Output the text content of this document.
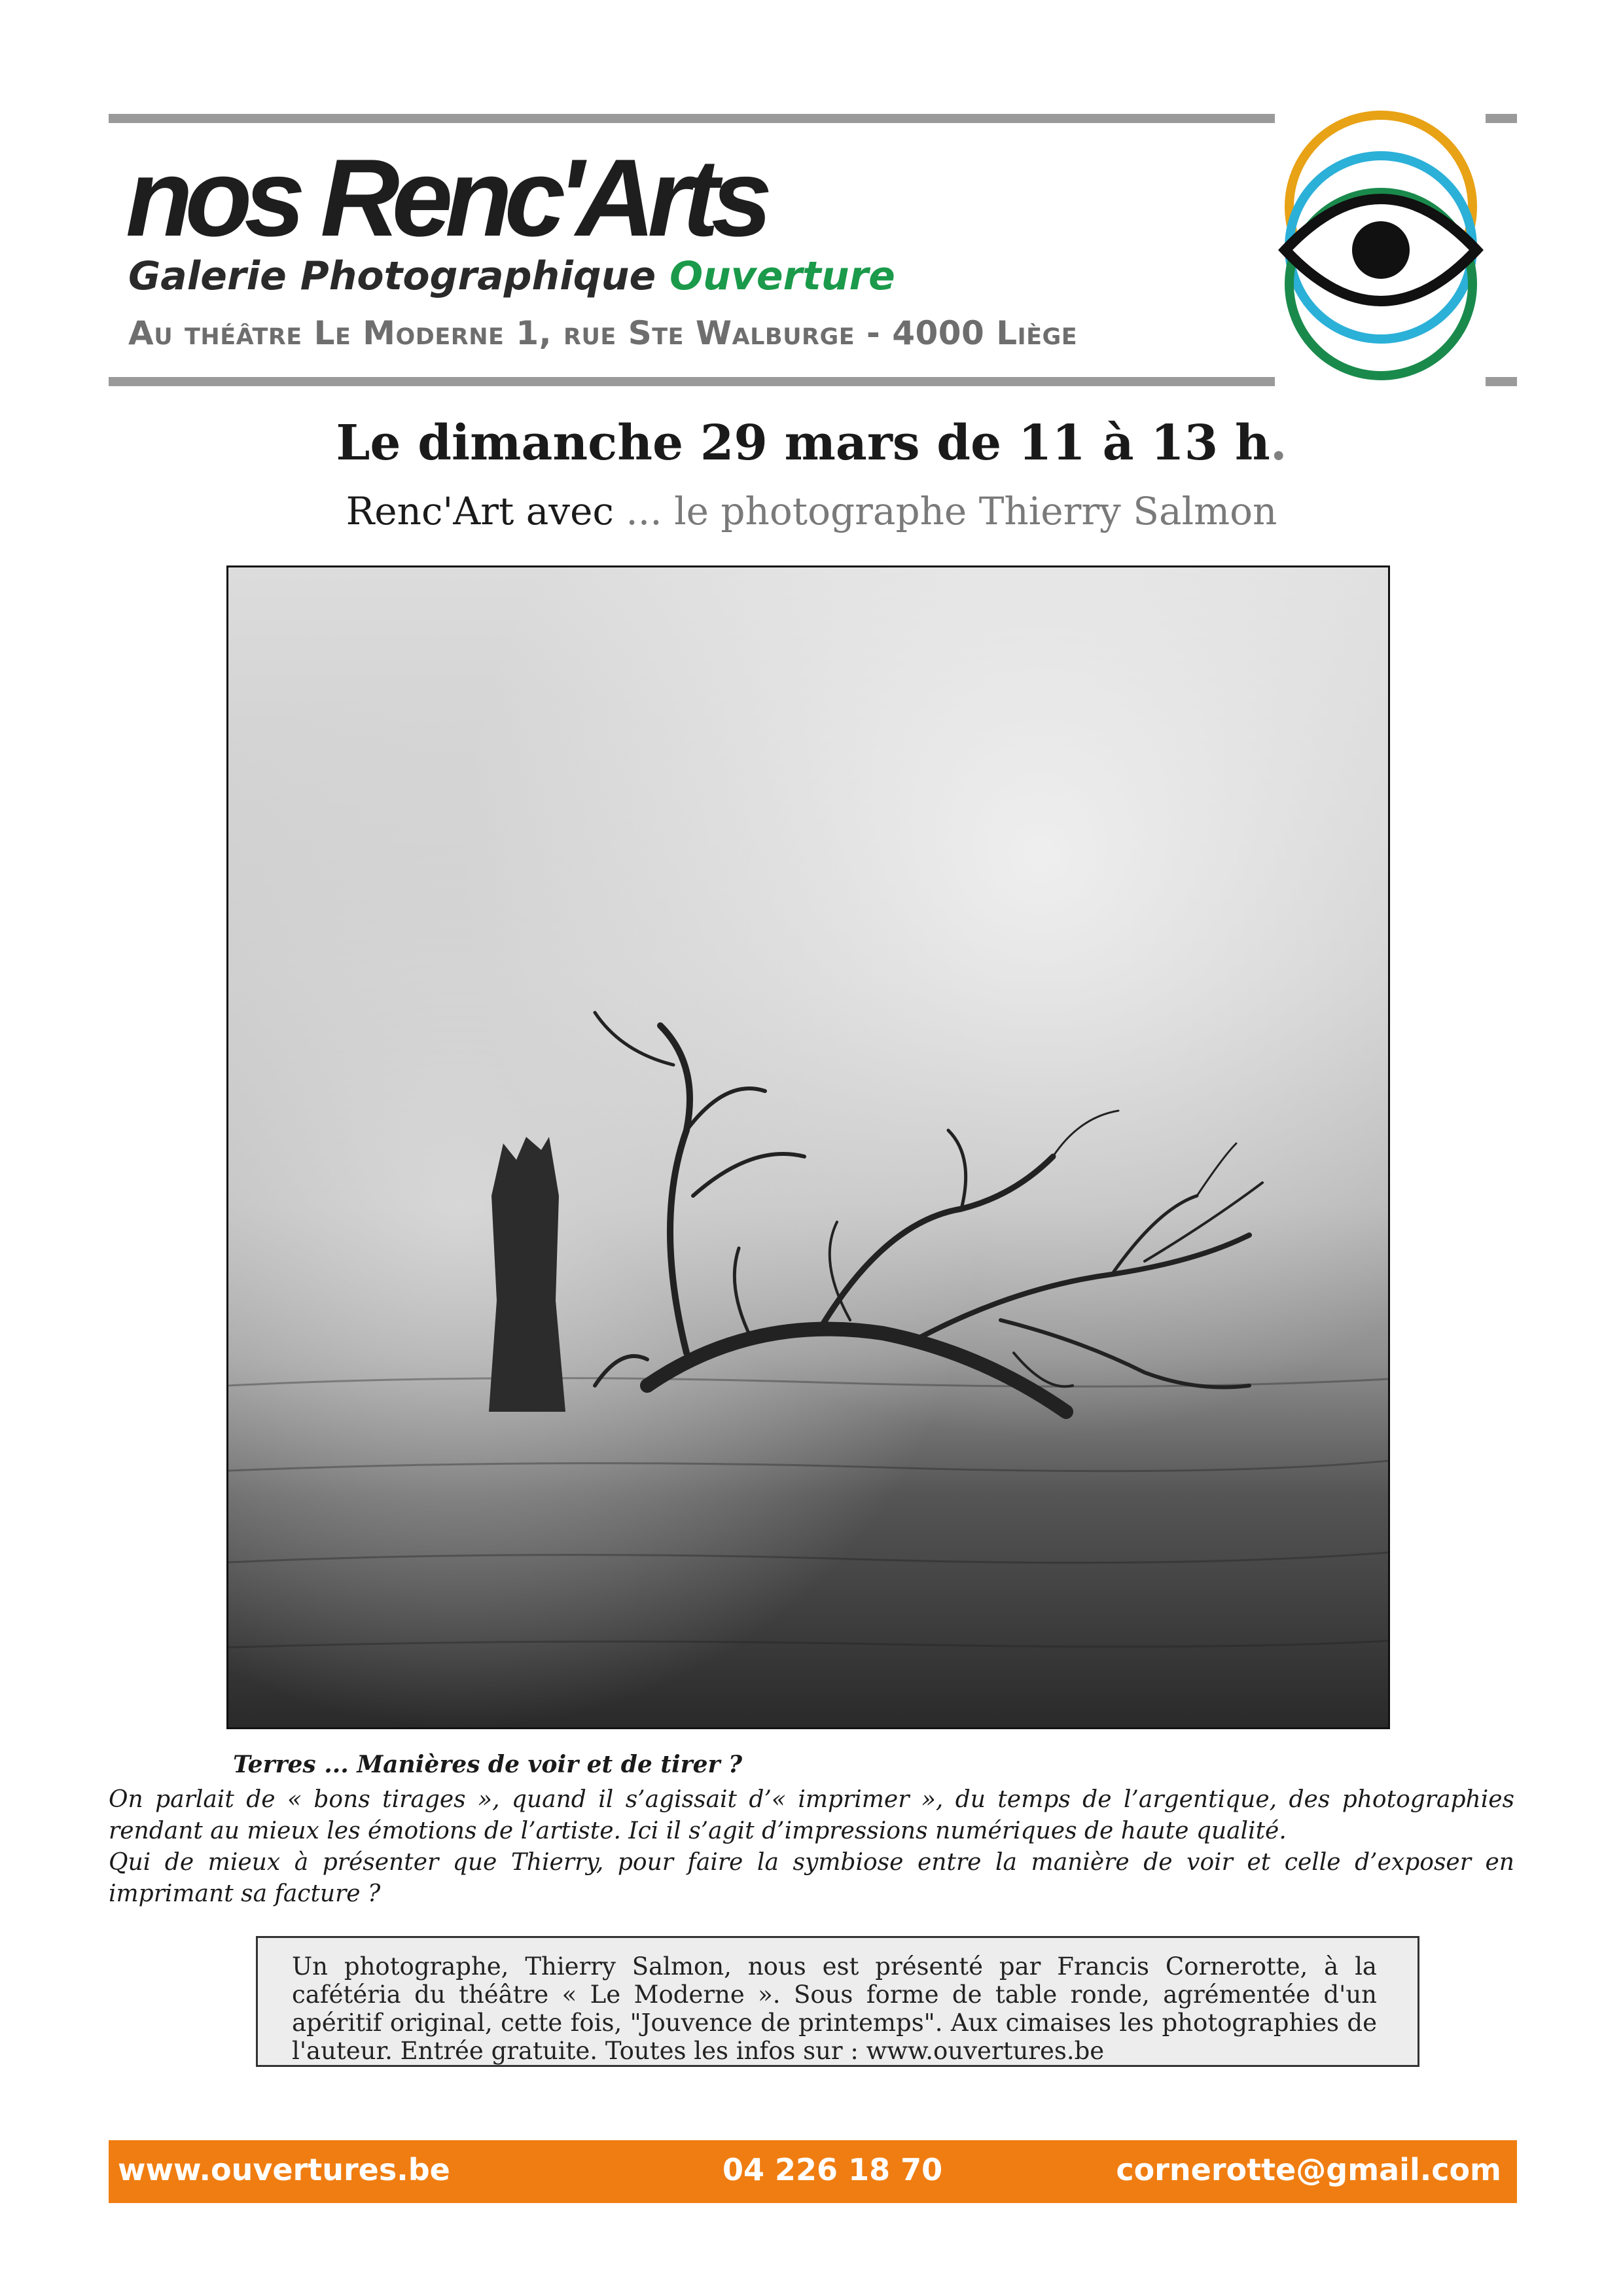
nos Renc'Arts
Galerie Photographique Ouverture
Au théâtre Le Moderne 1, rue Ste Walburge - 4000 Liège
Le dimanche 29 mars de 11 à 13 h.
Renc'Art avec ... le photographe Thierry Salmon
Terres ... Manières de voir et de tirer ?

On parlait de « bons tirages », quand il s’agissait d’« imprimer », du temps de l’argentique, des photographies rendant au mieux les émotions de l’artiste. Ici il s’agit d’impressions numériques de haute qualité.

Qui de mieux à présenter que Thierry, pour faire la symbiose entre la manière de voir et celle d’exposer en imprimant sa facture ?

Un photographe, Thierry Salmon, nous est présenté par Francis Cornerotte, à la cafétéria du théâtre « Le Moderne ». Sous forme de table ronde, agrémentée d'un apéritif original, cette fois, "Jouvence de printemps". Aux cimaises les photographies de l'auteur. Entrée gratuite. Toutes les infos sur : www.ouvertures.be
www.ouvertures.be	04 226 18 70	cornerotte@gmail.com
